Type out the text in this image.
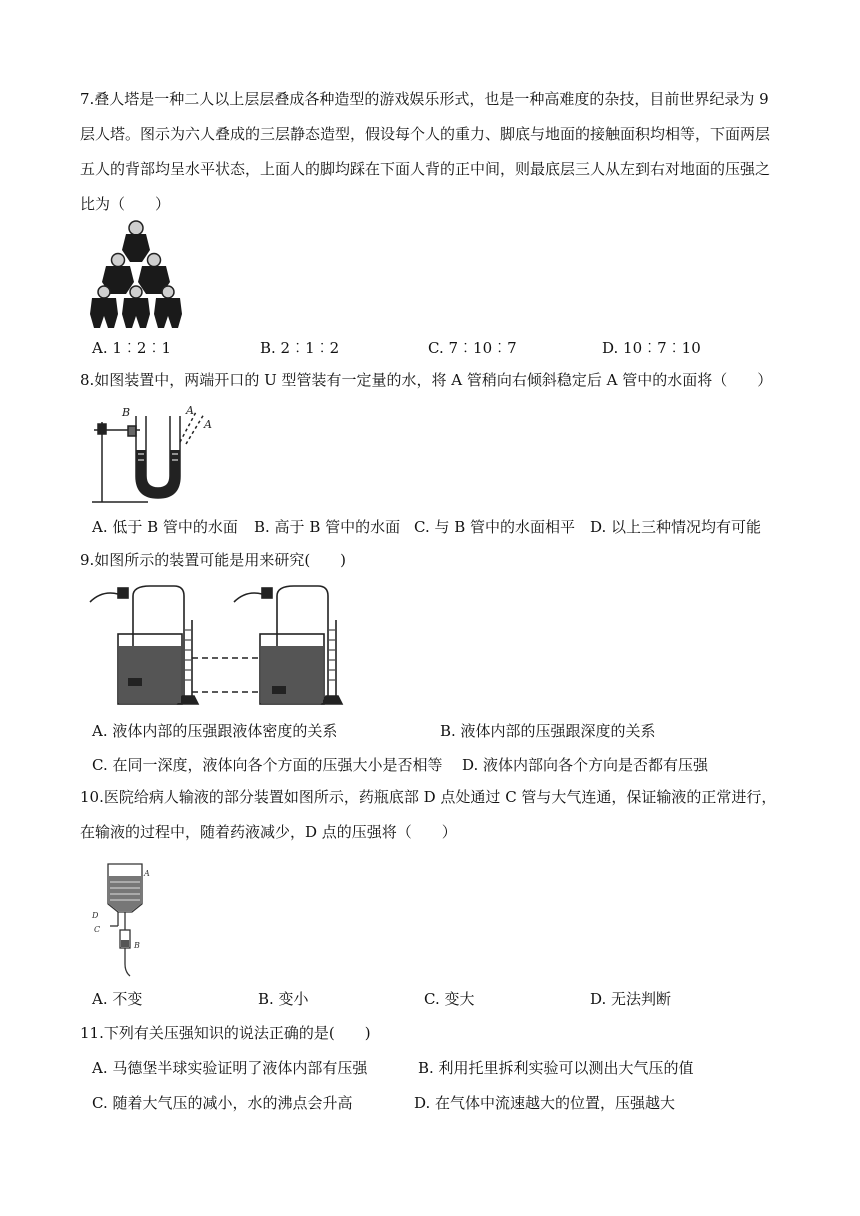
7.叠人塔是一种二人以上层层叠成各种造型的游戏娱乐形式，也是一种高难度的杂技，目前世界纪录为 9 层人塔。图示为六人叠成的三层静态造型，假设每个人的重力、脚底与地面的接触面积均相等，下面两层五人的背部均呈水平状态，上面人的脚均踩在下面人背的正中间，则最底层三人从左到右对地面的压强之比为（　　）

A. 1︰2︰1	B. 2︰1︰2	C. 7︰10︰7	D. 10︰7︰10

8.如图装置中，两端开口的 U 型管装有一定量的水，将 A 管稍向右倾斜稳定后 A 管中的水面将（　　）

B	A
A
A. 低于 B 管中的水面 B. 高于 B 管中的水面 C. 与 B 管中的水面相平 D. 以上三种情况均有可能

9.如图所示的装置可能是用来研究(　　)

A. 液体内部的压强跟液体密度的关系	B. 液体内部的压强跟深度的关系
C. 在同一深度，液体向各个方面的压强大小是否相等 D. 液体内部向各个方向是否都有压强

10.医院给病人输液的部分装置如图所示，药瓶底部 D 点处通过 C 管与大气连通，保证输液的正常进行，在输液的过程中，随着药液减少，D 点的压强将（　　）

A
D
C
B
A. 不变	B. 变小	C. 变大	D. 无法判断

11.下列有关压强知识的说法正确的是(　　)

A. 马德堡半球实验证明了液体内部有压强	B. 利用托里拆利实验可以测出大气压的值
C. 随着大气压的减小，水的沸点会升高	D. 在气体中流速越大的位置，压强越大
